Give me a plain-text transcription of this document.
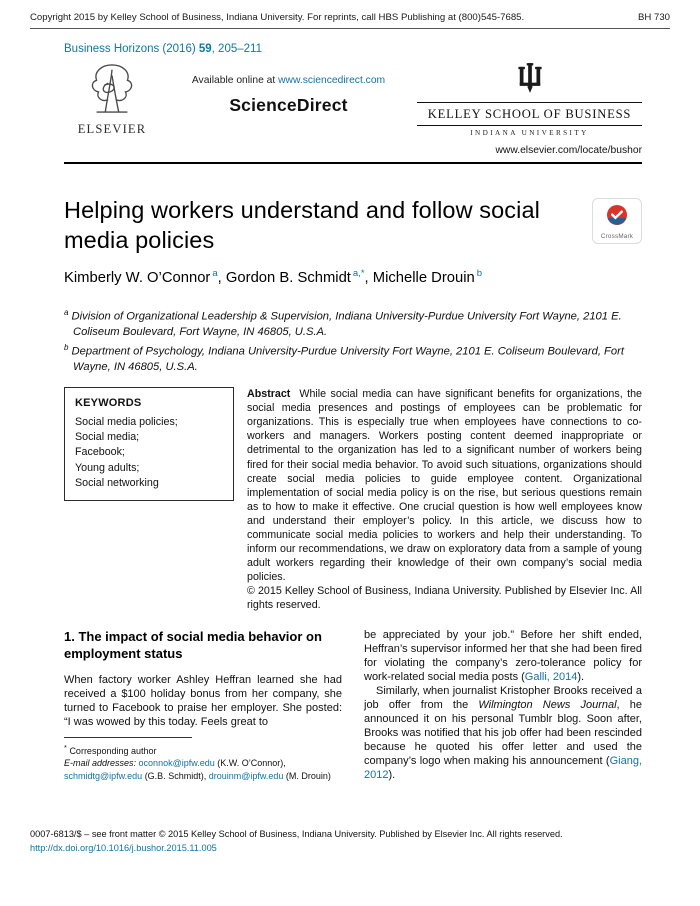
Copyright 2015 by Kelley School of Business, Indiana University. For reprints, call HBS Publishing at (800)545-7685.	BH 730
Business Horizons (2016) 59, 205–211
ELSEVIER
Available online at www.sciencedirect.com
ScienceDirect	KELLEY SCHOOL OF BUSINESS
INDIANA UNIVERSITY
www.elsevier.com/locate/bushor
Helping workers understand and follow social media policies	CrossMark
Kimberly W. O’Connor $^a$, Gordon B. Schmidt $^{a,*}$, Michelle Drouin $^b$
$^a$ Division of Organizational Leadership & Supervision, Indiana University-Purdue University Fort Wayne, 2101 E. Coliseum Boulevard, Fort Wayne, IN 46805, U.S.A.
$^b$ Department of Psychology, Indiana University-Purdue University Fort Wayne, 2101 E. Coliseum Boulevard, Fort Wayne, IN 46805, U.S.A.
KEYWORDS
Social media policies;
Social media;
Facebook;
Young adults;
Social networking
Abstract While social media can have significant benefits for organizations, the social media presences and postings of employees can be problematic for organizations. This is especially true when employees have connections to co-workers and managers. Workers posting content deemed inappropriate or detrimental to the organization has led to a significant number of workers being fired for their social media behavior. To avoid such situations, organizations should create social media policies to guide employee content. Organizational implementation of social media policy is on the rise, but serious questions remain as to how to make it effective. One crucial question is how well employees know and understand their employer’s policy. In this article, we discuss how to communicate social media policies to workers and help their understanding. To inform our recommendations, we draw on exploratory data from a sample of young adult workers regarding their knowledge of their own company’s social media policies.
© 2015 Kelley School of Business, Indiana University. Published by Elsevier Inc. All rights reserved.
1. The impact of social media behavior on employment status

When factory worker Ashley Heffran learned she had received a $100 holiday bonus from her company, she turned to Facebook to praise her employer. She posted: “I was wowed by this today. Feels great to

* Corresponding author
E-mail addresses: oconnok@ipfw.edu (K.W. O’Connor), schmidtg@ipfw.edu (G.B. Schmidt), drouinm@ipfw.edu (M. Drouin)

be appreciated by your job.” Before her shift ended, Heffran’s supervisor informed her that she had been fired for violating the company’s zero-tolerance policy for work-related social media posts (Galli, 2014).

Similarly, when journalist Kristopher Brooks received a job offer from the Wilmington News Journal, he announced it on his personal Tumblr blog. Soon after, Brooks was notified that his job offer had been rescinded because he quoted his offer letter and used the company’s logo when making his announcement (Giang, 2012).

0007-6813/$ – see front matter © 2015 Kelley School of Business, Indiana University. Published by Elsevier Inc. All rights reserved.
http://dx.doi.org/10.1016/j.bushor.2015.11.005
